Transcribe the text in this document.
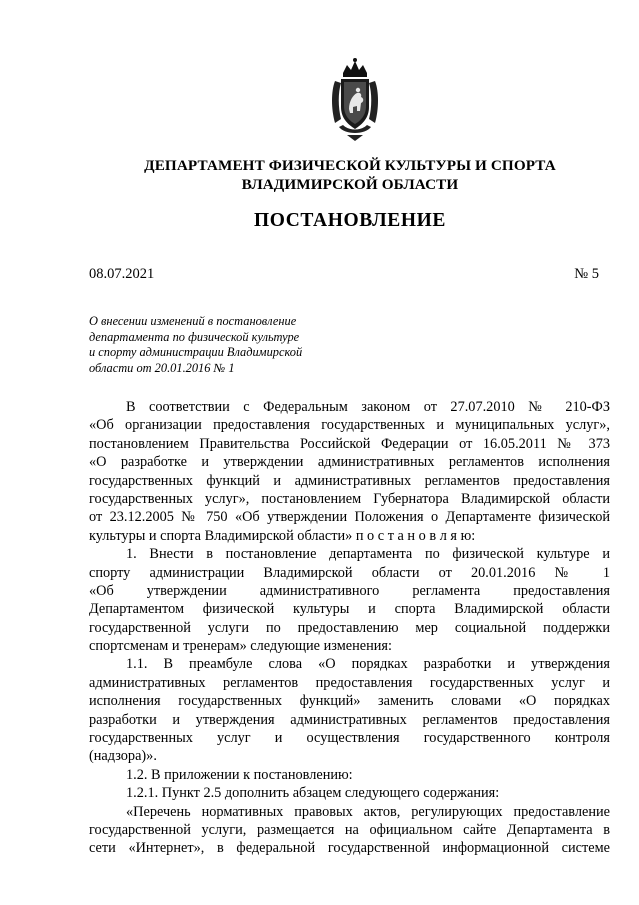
ДЕПАРТАМЕНТ ФИЗИЧЕСКОЙ КУЛЬТУРЫ И СПОРТА
ВЛАДИМИРСКОЙ ОБЛАСТИ
ПОСТАНОВЛЕНИЕ
08.07.2021	№ 5
О внесении изменений в постановление
департамента по физической культуре
и спорту администрации Владимирской
области от 20.01.2016 № 1
В соответствии с Федеральным законом от 27.07.2010 № 210-ФЗ
«Об организации предоставления государственных и муниципальных услуг»,
постановлением Правительства Российской Федерации от 16.05.2011 № 373
«О разработке и утверждении административных регламентов исполнения
государственных функций и административных регламентов предоставления
государственных услуг», постановлением Губернатора Владимирской области
от 23.12.2005 № 750 «Об утверждении Положения о Департаменте физической
культуры и спорта Владимирской области» п о с т а н о в л я ю:
1. Внести в постановление департамента по физической культуре и
спорту администрации Владимирской области от 20.01.2016 № 1
«Об утверждении административного регламента предоставления
Департаментом физической культуры и спорта Владимирской области
государственной услуги по предоставлению мер социальной поддержки
спортсменам и тренерам» следующие изменения:
1.1. В преамбуле слова «О порядках разработки и утверждения
административных регламентов предоставления государственных услуг и
исполнения государственных функций» заменить словами «О порядках
разработки и утверждения административных регламентов предоставления
государственных услуг и осуществления государственного контроля
(надзора)».
1.2. В приложении к постановлению:
1.2.1. Пункт 2.5 дополнить абзацем следующего содержания:
«Перечень нормативных правовых актов, регулирующих предоставление
государственной услуги, размещается на официальном сайте Департамента в
сети «Интернет», в федеральной государственной информационной системе
